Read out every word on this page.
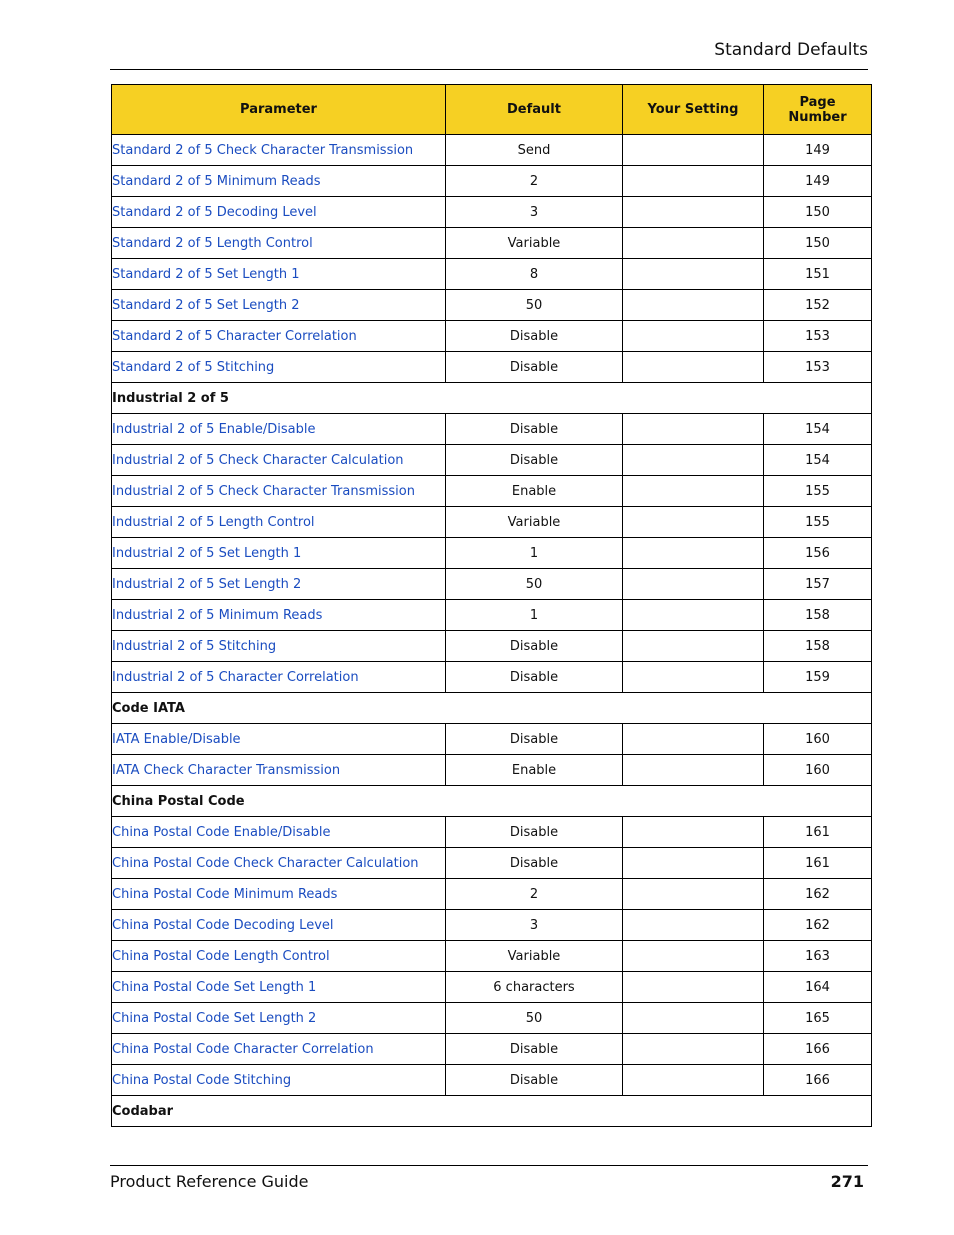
Standard Defaults
Parameter	Default	Your Setting	Page Number
Standard 2 of 5 Check Character Transmission	Send		149
Standard 2 of 5 Minimum Reads	2		149
Standard 2 of 5 Decoding Level	3		150
Standard 2 of 5 Length Control	Variable		150
Standard 2 of 5 Set Length 1	8		151
Standard 2 of 5 Set Length 2	50		152
Standard 2 of 5 Character Correlation	Disable		153
Standard 2 of 5 Stitching	Disable		153
Industrial 2 of 5			
Industrial 2 of 5 Enable/Disable	Disable		154
Industrial 2 of 5 Check Character Calculation	Disable		154
Industrial 2 of 5 Check Character Transmission	Enable		155
Industrial 2 of 5 Length Control	Variable		155
Industrial 2 of 5 Set Length 1	1		156
Industrial 2 of 5 Set Length 2	50		157
Industrial 2 of 5 Minimum Reads	1		158
Industrial 2 of 5 Stitching	Disable		158
Industrial 2 of 5 Character Correlation	Disable		159
Code IATA			
IATA Enable/Disable	Disable		160
IATA Check Character Transmission	Enable		160
China Postal Code			
China Postal Code Enable/Disable	Disable		161
China Postal Code Check Character Calculation	Disable		161
China Postal Code Minimum Reads	2		162
China Postal Code Decoding Level	3		162
China Postal Code Length Control	Variable		163
China Postal Code Set Length 1	6 characters		164
China Postal Code Set Length 2	50		165
China Postal Code Character Correlation	Disable		166
China Postal Code Stitching	Disable		166
Codabar			
Product Reference Guide	271
